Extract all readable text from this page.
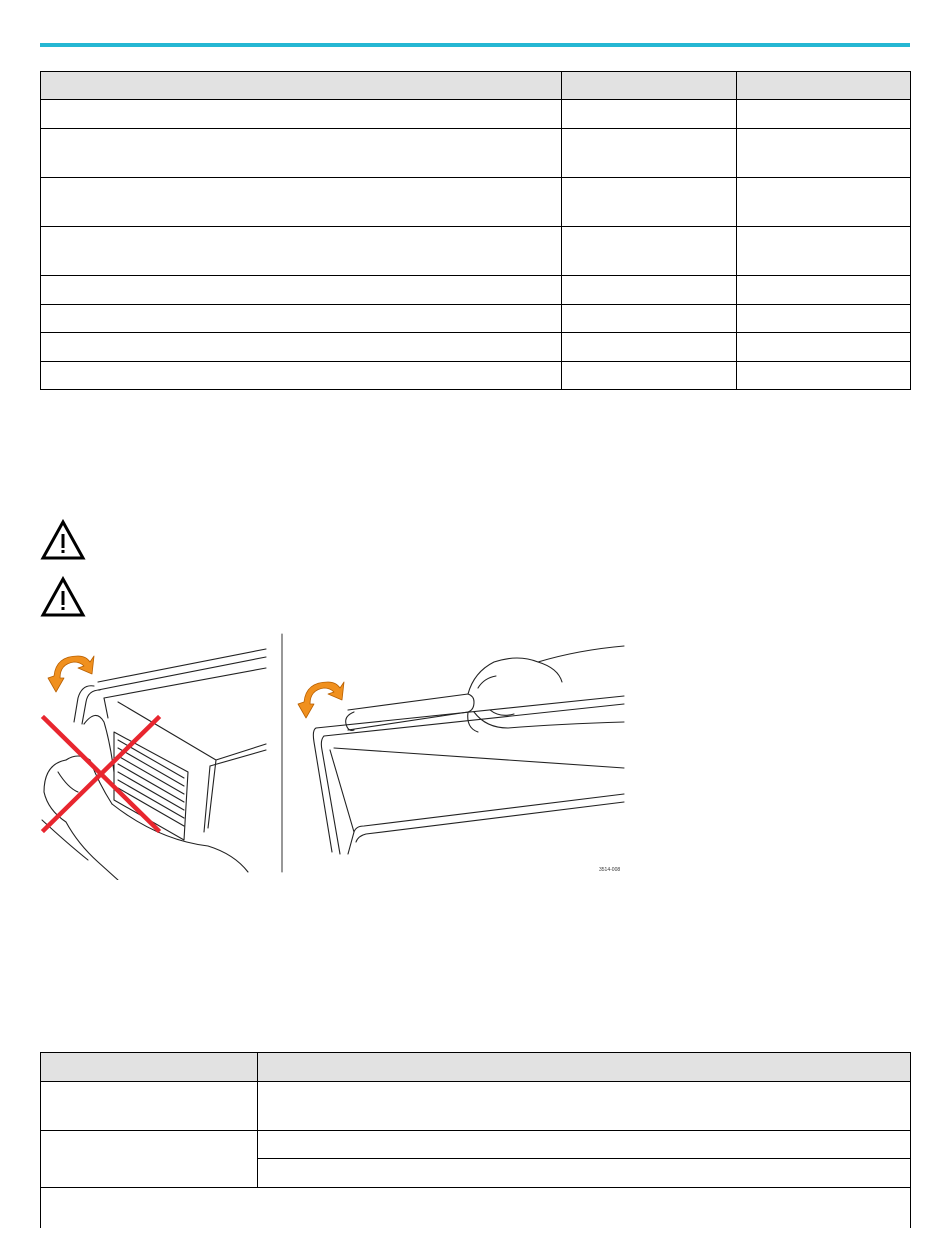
3514-008
